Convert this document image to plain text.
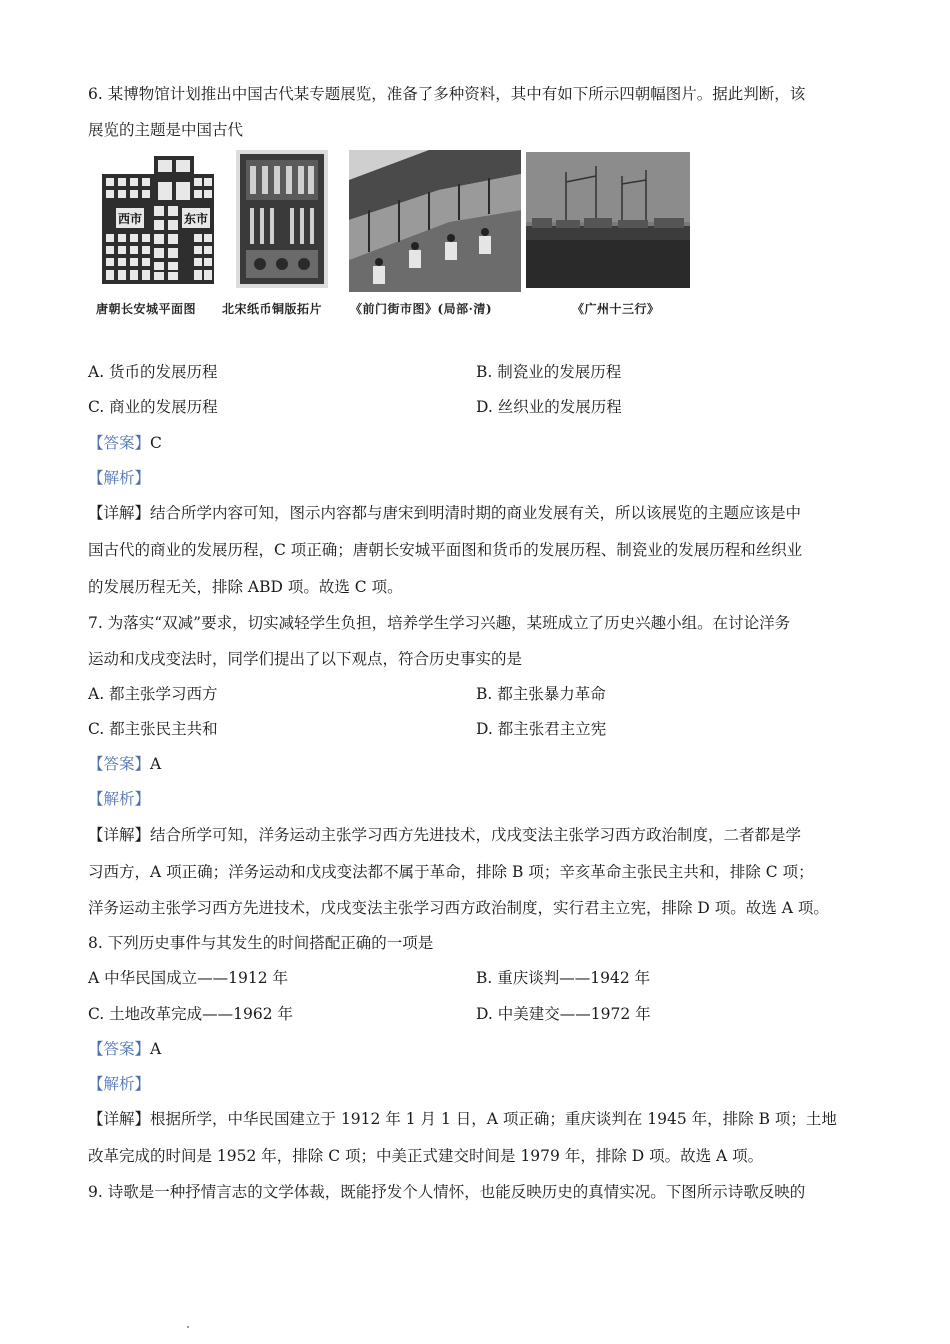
6. 某博物馆计划推出中国古代某专题展览，准备了多种资料，其中有如下所示四朝幅图片。据此判断，该
展览的主题是中国古代
西市	东市
唐朝长安城平面图 北宋纸币铜版拓片 《前门街市图》(局部·清)	《广州十三行》
A. 货币的发展历程	B. 制瓷业的发展历程
C. 商业的发展历程	D. 丝织业的发展历程
【答案】C
【解析】
【详解】结合所学内容可知，图示内容都与唐宋到明清时期的商业发展有关，所以该展览的主题应该是中
国古代的商业的发展历程，C 项正确；唐朝长安城平面图和货币的发展历程、制瓷业的发展历程和丝织业
的发展历程无关，排除 ABD 项。故选 C 项。
7. 为落实“双减”要求，切实减轻学生负担，培养学生学习兴趣，某班成立了历史兴趣小组。在讨论洋务
运动和戊戌变法时，同学们提出了以下观点，符合历史事实的是
A. 都主张学习西方	B. 都主张暴力革命
C. 都主张民主共和	D. 都主张君主立宪
【答案】A
【解析】
【详解】结合所学可知，洋务运动主张学习西方先进技术，戊戌变法主张学习西方政治制度，二者都是学
习西方，A 项正确；洋务运动和戊戌变法都不属于革命，排除 B 项；辛亥革命主张民主共和，排除 C 项；
洋务运动主张学习西方先进技术，戊戌变法主张学习西方政治制度，实行君主立宪，排除 D 项。故选 A 项。
8. 下列历史事件与其发生的时间搭配正确的一项是
A 中华民国成立——1912 年	B. 重庆谈判——1942 年
C. 土地改革完成——1962 年	D. 中美建交——1972 年
【答案】A
【解析】
【详解】根据所学，中华民国建立于 1912 年 1 月 1 日，A 项正确；重庆谈判在 1945 年，排除 B 项；土地
改革完成的时间是 1952 年，排除 C 项；中美正式建交时间是 1979 年，排除 D 项。故选 A 项。
9. 诗歌是一种抒情言志的文学体裁，既能抒发个人情怀，也能反映历史的真情实况。下图所示诗歌反映的
